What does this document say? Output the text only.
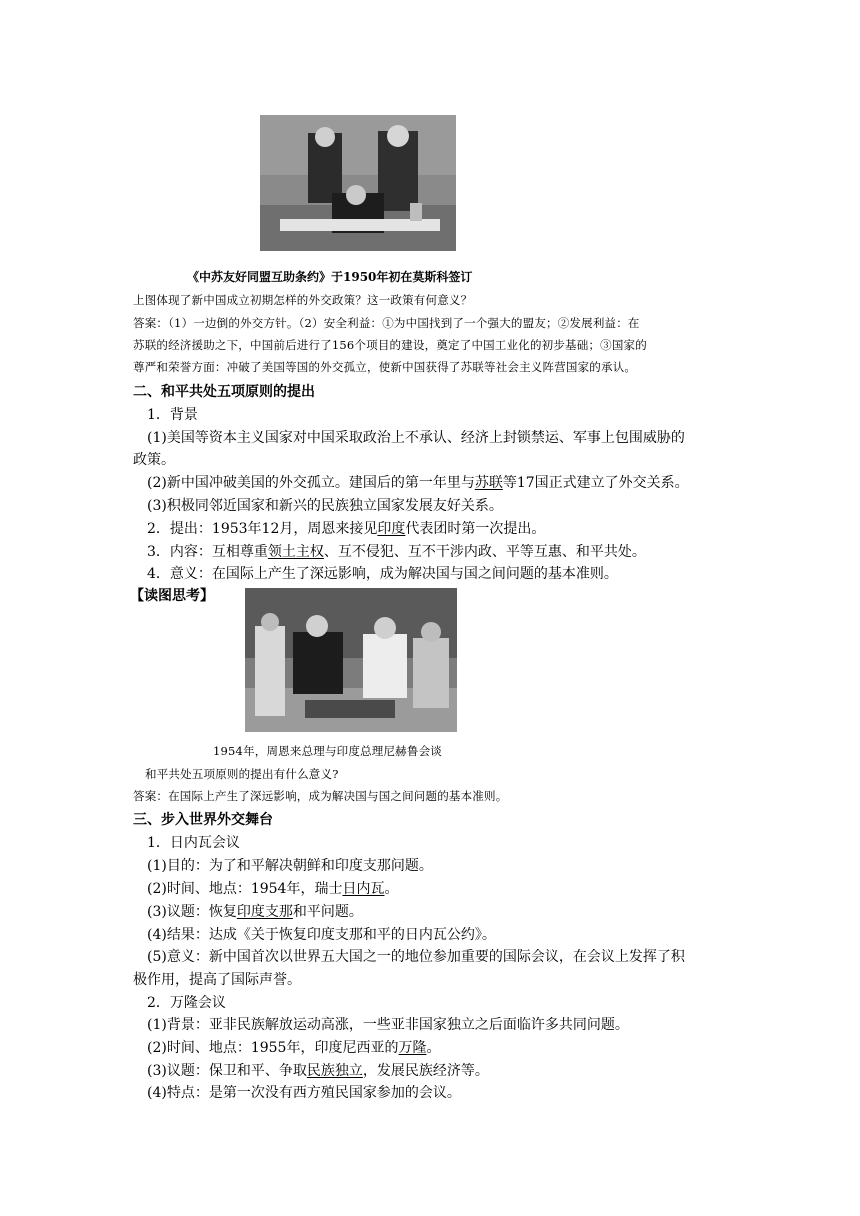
《中苏友好同盟互助条约》于1950年初在莫斯科签订
上图体现了新中国成立初期怎样的外交政策？这一政策有何意义？
答案：（1）一边倒的外交方针。（2）安全利益：①为中国找到了一个强大的盟友；②发展利益：在
苏联的经济援助之下，中国前后进行了156个项目的建设，奠定了中国工业化的初步基础；③国家的
尊严和荣誉方面：冲破了美国等国的外交孤立，使新中国获得了苏联等社会主义阵营国家的承认。
二、和平共处五项原则的提出
1．背景
(1)美国等资本主义国家对中国采取政治上不承认、经济上封锁禁运、军事上包围威胁的
政策。
(2)新中国冲破美国的外交孤立。建国后的第一年里与苏联等17国正式建立了外交关系。
(3)积极同邻近国家和新兴的民族独立国家发展友好关系。
2．提出：1953年12月，周恩来接见印度代表团时第一次提出。
3．内容：互相尊重领土主权、互不侵犯、互不干涉内政、平等互惠、和平共处。
4．意义：在国际上产生了深远影响，成为解决国与国之间问题的基本准则。
【读图思考】
1954年，周恩来总理与印度总理尼赫鲁会谈
和平共处五项原则的提出有什么意义?
答案：在国际上产生了深远影响，成为解决国与国之间问题的基本准则。
三、步入世界外交舞台
1．日内瓦会议
(1)目的：为了和平解决朝鲜和印度支那问题。
(2)时间、地点：1954年，瑞士日内瓦。
(3)议题：恢复印度支那和平问题。
(4)结果：达成《关于恢复印度支那和平的日内瓦公约》。
(5)意义：新中国首次以世界五大国之一的地位参加重要的国际会议，在会议上发挥了积
极作用，提高了国际声誉。
2．万隆会议
(1)背景：亚非民族解放运动高涨，一些亚非国家独立之后面临许多共同问题。
(2)时间、地点：1955年，印度尼西亚的万隆。
(3)议题：保卫和平、争取民族独立，发展民族经济等。
(4)特点：是第一次没有西方殖民国家参加的会议。
